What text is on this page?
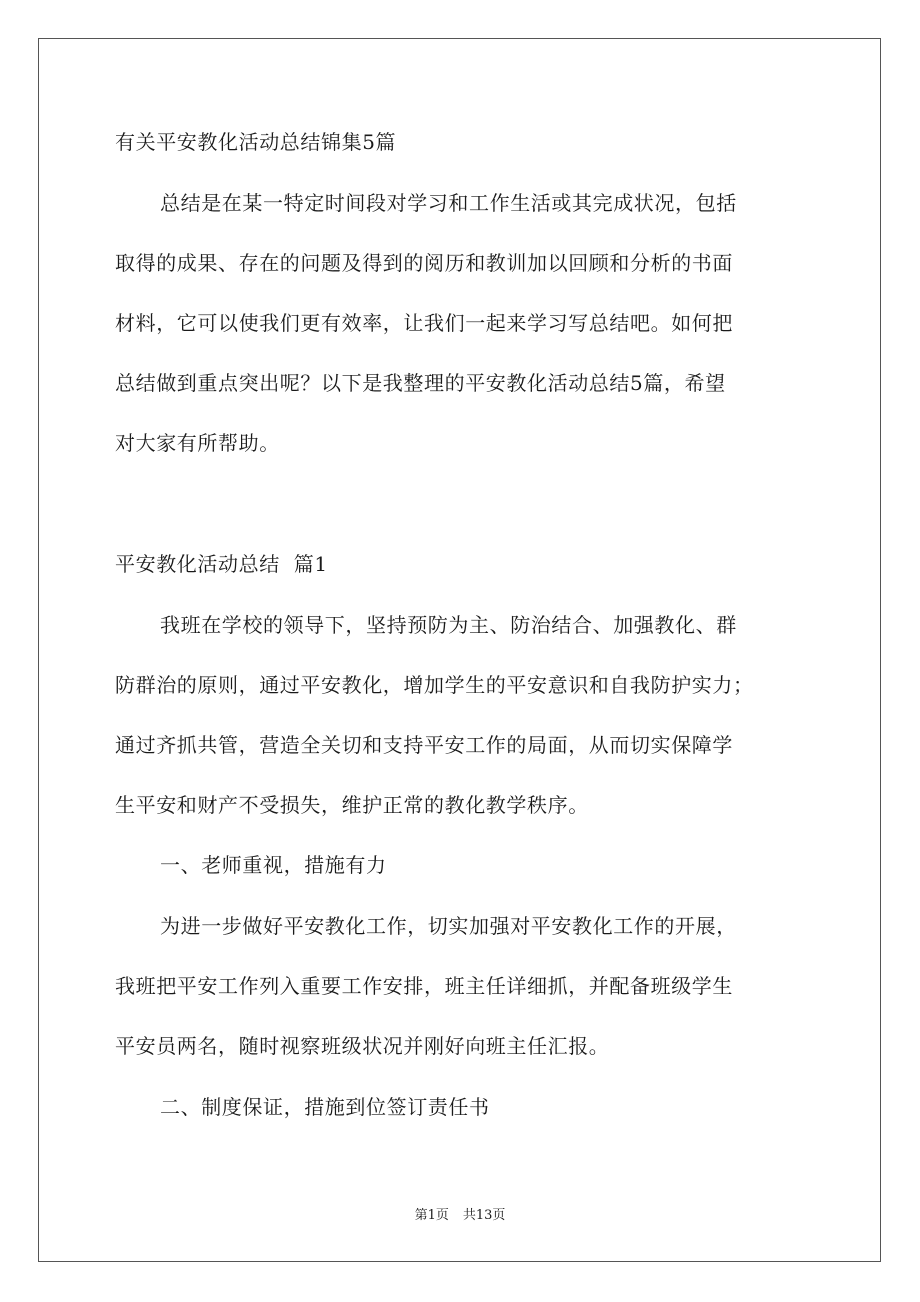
有关平安教化活动总结锦集5篇
总结是在某一特定时间段对学习和工作生活或其完成状况，包括
取得的成果、存在的问题及得到的阅历和教训加以回顾和分析的书面
材料，它可以使我们更有效率，让我们一起来学习写总结吧。如何把
总结做到重点突出呢？以下是我整理的平安教化活动总结5篇，希望
对大家有所帮助。
平安教化活动总结  篇1
我班在学校的领导下，坚持预防为主、防治结合、加强教化、群
防群治的原则，通过平安教化，增加学生的平安意识和自我防护实力；
通过齐抓共管，营造全关切和支持平安工作的局面，从而切实保障学
生平安和财产不受损失，维护正常的教化教学秩序。
一、老师重视，措施有力
为进一步做好平安教化工作，切实加强对平安教化工作的开展，
我班把平安工作列入重要工作安排，班主任详细抓，并配备班级学生
平安员两名，随时视察班级状况并刚好向班主任汇报。
二、制度保证，措施到位签订责任书
第1页 共13页
